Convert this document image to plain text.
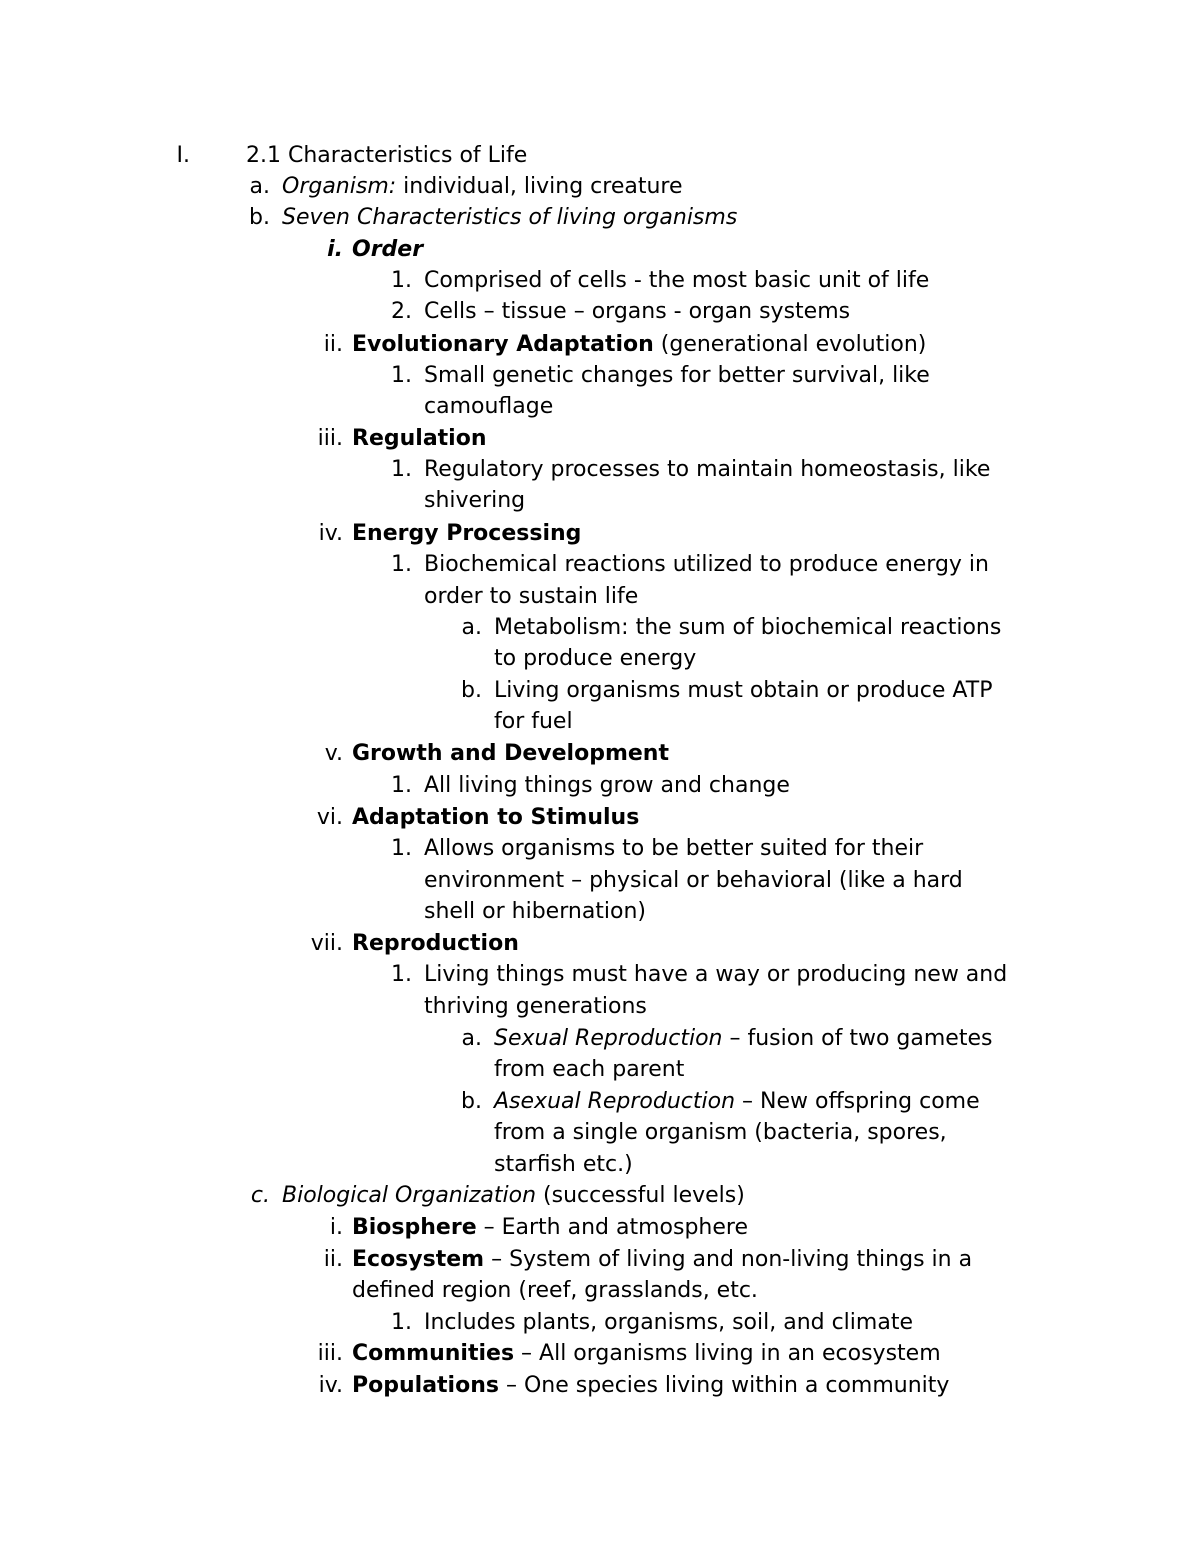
I.	2.1 Characteristics of Life
a. Organism: individual, living creature
b. Seven Characteristics of living organisms
i. Order
1. Comprised of cells - the most basic unit of life
2. Cells – tissue – organs - organ systems
ii. Evolutionary Adaptation (generational evolution)
1. Small genetic changes for better survival, like
camouflage
iii. Regulation
1. Regulatory processes to maintain homeostasis, like
shivering
iv. Energy Processing
1. Biochemical reactions utilized to produce energy in
order to sustain life
a. Metabolism: the sum of biochemical reactions
to produce energy
b. Living organisms must obtain or produce ATP
for fuel
v. Growth and Development
1. All living things grow and change
vi. Adaptation to Stimulus
1. Allows organisms to be better suited for their
environment – physical or behavioral (like a hard
shell or hibernation)
vii. Reproduction
1. Living things must have a way or producing new and
thriving generations
a. Sexual Reproduction – fusion of two gametes
from each parent
b. Asexual Reproduction – New offspring come
from a single organism (bacteria, spores,
starfish etc.)
c. Biological Organization (successful levels)
i. Biosphere – Earth and atmosphere
ii. Ecosystem – System of living and non-living things in a
defined region (reef, grasslands, etc.
1. Includes plants, organisms, soil, and climate
iii. Communities – All organisms living in an ecosystem
iv. Populations – One species living within a community
